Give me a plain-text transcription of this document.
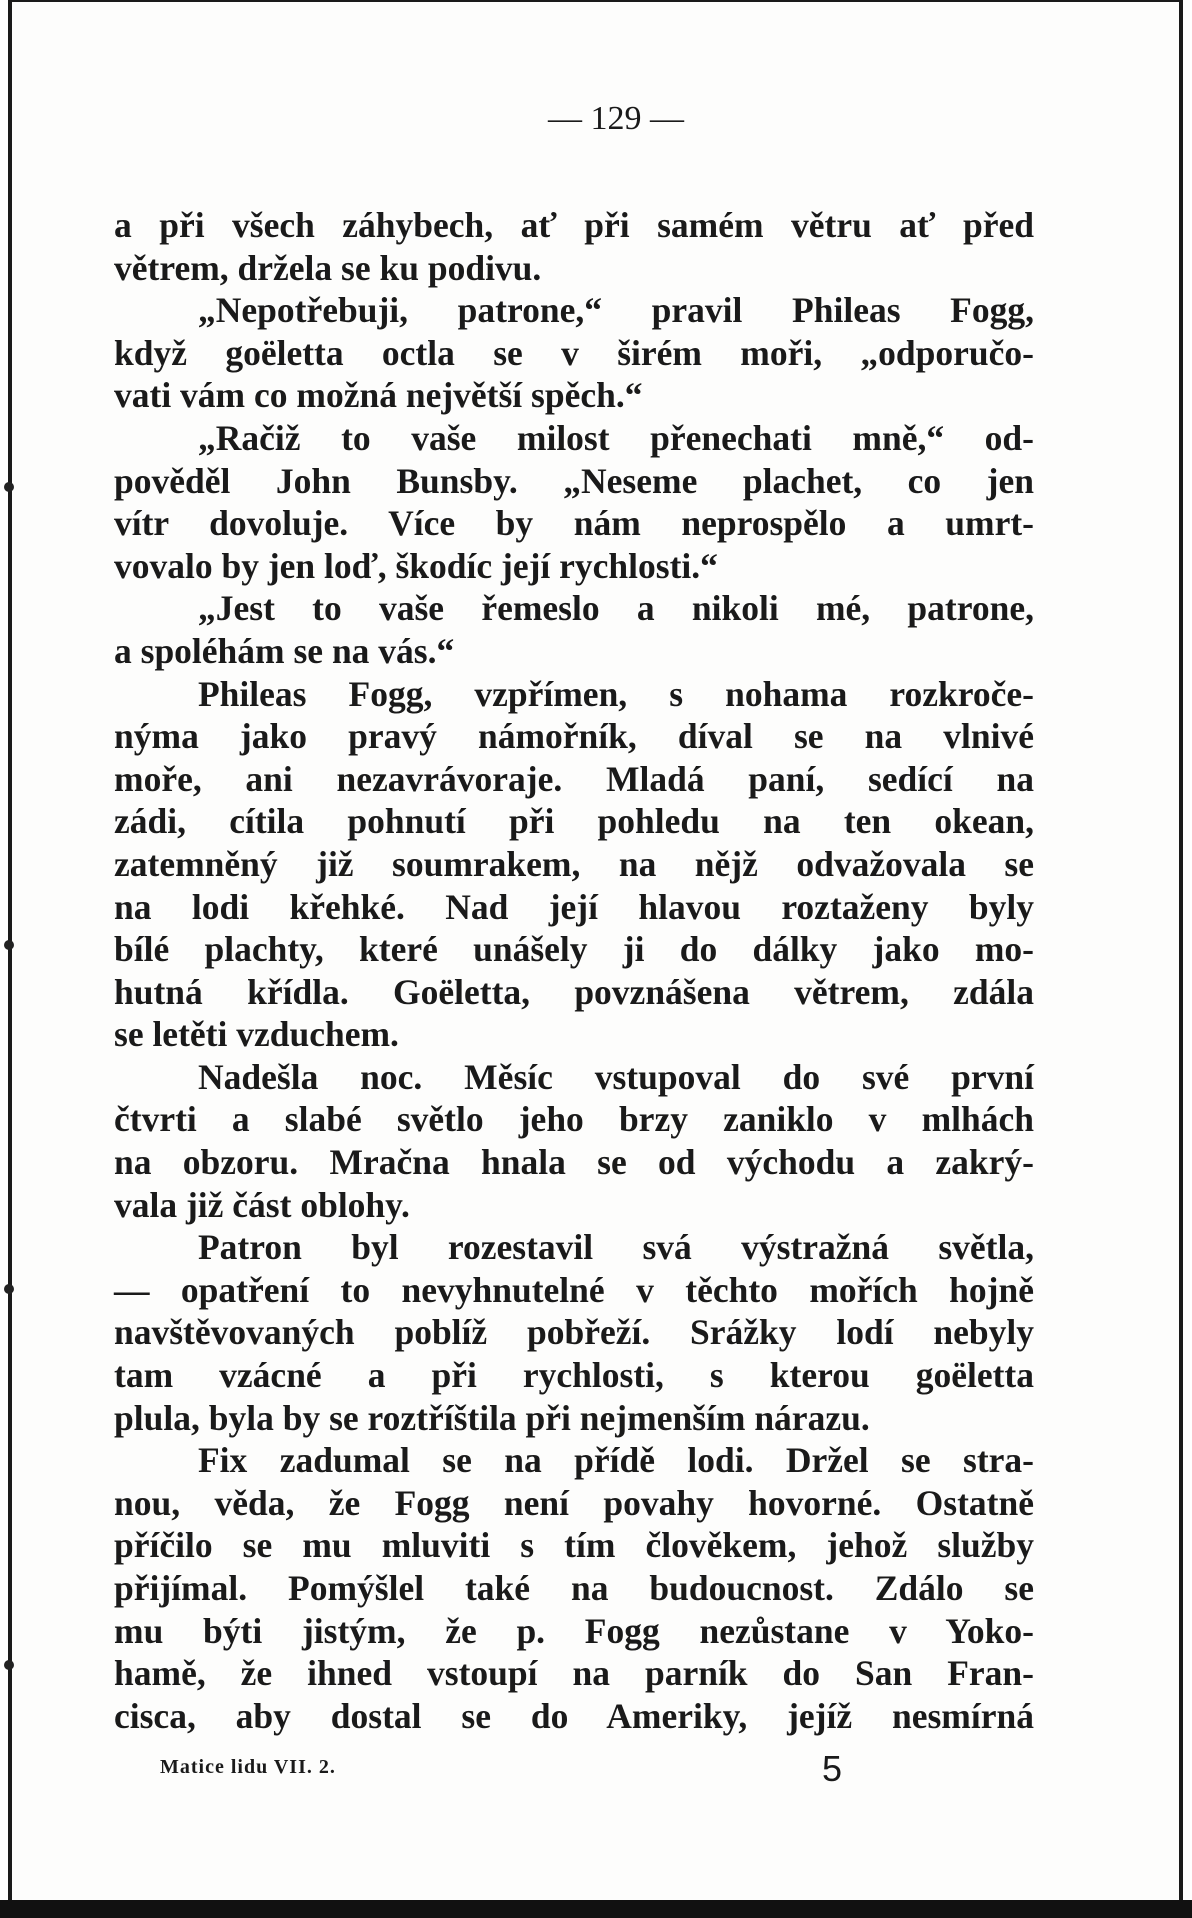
— 129 —
a při všech záhybech, ať při samém větru ať před
větrem, držela se ku podivu.
„Nepotřebuji, patrone,“ pravil Phileas Fogg,
když goëletta octla se v širém moři, „odporučo-
vati vám co možná největší spěch.“
„Račiž to vaše milost přenechati mně,“ od-
pověděl John Bunsby. „Neseme plachet, co jen
vítr dovoluje. Více by nám neprospělo a umrt-
vovalo by jen loď, škodíc její rychlosti.“
„Jest to vaše řemeslo a nikoli mé, patrone,
a spoléhám se na vás.“
Phileas Fogg, vzpřímen, s nohama rozkroče-
nýma jako pravý námořník, díval se na vlnivé
moře, ani nezavrávoraje. Mladá paní, sedící na
zádi, cítila pohnutí při pohledu na ten okean,
zatemněný již soumrakem, na nějž odvažovala se
na lodi křehké. Nad její hlavou roztaženy byly
bílé plachty, které unášely ji do dálky jako mo-
hutná křídla. Goëletta, povznášena větrem, zdála
se letěti vzduchem.
Nadešla noc. Měsíc vstupoval do své první
čtvrti a slabé světlo jeho brzy zaniklo v mlhách
na obzoru. Mračna hnala se od východu a zakrý-
vala již část oblohy.
Patron byl rozestavil svá výstražná světla,
— opatření to nevyhnutelné v těchto mořích hojně
navštěvovaných poblíž pobřeží. Srážky lodí nebyly
tam vzácné a při rychlosti, s kterou goëletta
plula, byla by se roztříštila při nejmenším nárazu.
Fix zadumal se na přídě lodi. Držel se stra-
nou, věda, že Fogg není povahy hovorné. Ostatně
příčilo se mu mluviti s tím člověkem, jehož služby
přijímal. Pomýšlel také na budoucnost. Zdálo se
mu býti jistým, že p. Fogg nezůstane v Yoko-
hamě, že ihned vstoupí na parník do San Fran-
cisca, aby dostal se do Ameriky, jejíž nesmírná
Matice lidu VII. 2.	5
